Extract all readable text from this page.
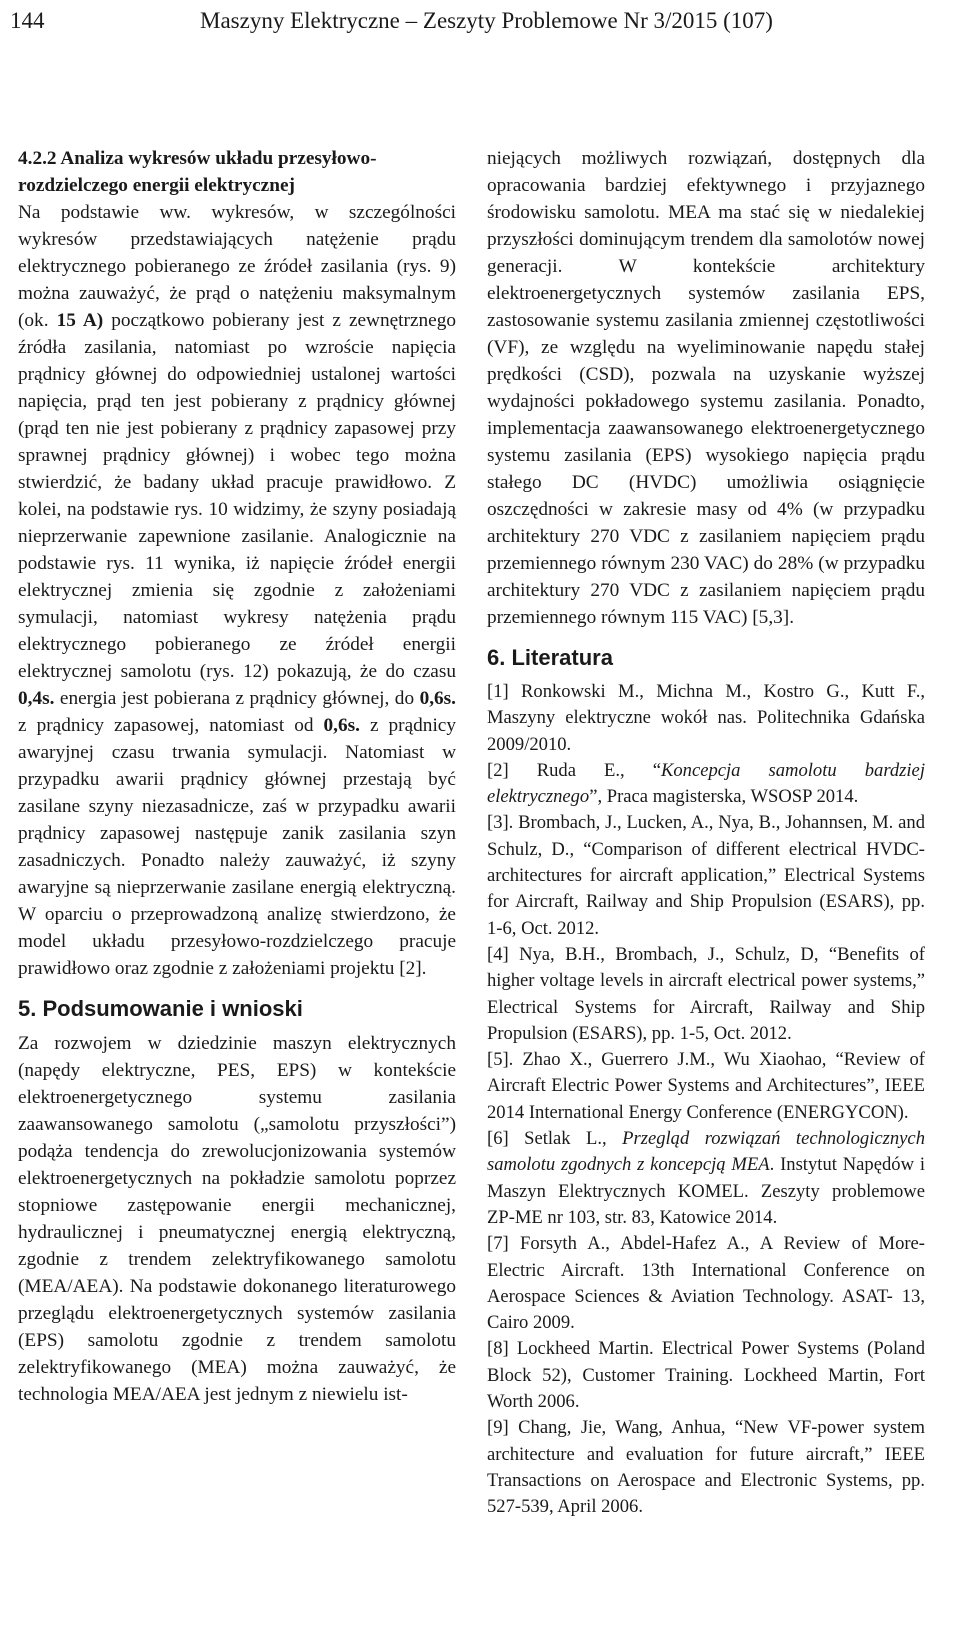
144	Maszyny Elektryczne – Zeszyty Problemowe Nr 3/2015 (107)

4.2.2 Analiza wykresów układu przesyłowo-rozdzielczego energii elektrycznej

Na podstawie ww. wykresów, w szczególności wykresów przedstawiających natężenie prądu elektrycznego pobieranego ze źródeł zasilania (rys. 9) można zauważyć, że prąd o natężeniu maksymalnym (ok. 15 A) początkowo pobierany jest z zewnętrznego źródła zasilania, natomiast po wzroście napięcia prądnicy głównej do odpowiedniej ustalonej wartości napięcia, prąd ten jest pobierany z prądnicy głównej (prąd ten nie jest pobierany z prądnicy zapasowej przy sprawnej prądnicy głównej) i wobec tego można stwierdzić, że badany układ pracuje prawidłowo. Z kolei, na podstawie rys. 10 widzimy, że szyny posiadają nieprzerwanie zapewnione zasilanie. Analogicznie na podstawie rys. 11 wynika, iż napięcie źródeł energii elektrycznej zmienia się zgodnie z założeniami symulacji, natomiast wykresy natężenia prądu elektrycznego pobieranego ze źródeł energii elektrycznej samolotu (rys. 12) pokazują, że do czasu 0,4s. energia jest pobierana z prądnicy głównej, do 0,6s. z prądnicy zapasowej, natomiast od 0,6s. z prądnicy awaryjnej czasu trwania symulacji. Natomiast w przypadku awarii prądnicy głównej przestają być zasilane szyny niezasadnicze, zaś w przypadku awarii prądnicy zapasowej następuje zanik zasilania szyn zasadniczych. Ponadto należy zauważyć, iż szyny awaryjne są nieprzerwanie zasilane energią elektryczną. W oparciu o przeprowadzoną analizę stwierdzono, że model układu przesyłowo-rozdzielczego pracuje prawidłowo oraz zgodnie z założeniami projektu [2].

5. Podsumowanie i wnioski

Za rozwojem w dziedzinie maszyn elektrycznych (napędy elektryczne, PES, EPS) w kontekście elektroenergetycznego systemu zasilania zaawansowanego samolotu („samolotu przyszłości”) podąża tendencja do zrewolucjonizowania systemów elektroenergetycznych na pokładzie samolotu poprzez stopniowe zastępowanie energii mechanicznej, hydraulicznej i pneumatycznej energią elektryczną, zgodnie z trendem zelektryfikowanego samolotu (MEA/AEA). Na podstawie dokonanego literaturowego przeglądu elektroenergetycznych systemów zasilania (EPS) samolotu zgodnie z trendem samolotu zelektryfikowanego (MEA) można zauważyć, że technologia MEA/AEA jest jednym z niewielu ist-

niejących możliwych rozwiązań, dostępnych dla opracowania bardziej efektywnego i przyjaznego środowisku samolotu. MEA ma stać się w niedalekiej przyszłości dominującym trendem dla samolotów nowej generacji. W kontekście architektury elektroenergetycznych systemów zasilania EPS, zastosowanie systemu zasilania zmiennej częstotliwości (VF), ze względu na wyeliminowanie napędu stałej prędkości (CSD), pozwala na uzyskanie wyższej wydajności pokładowego systemu zasilania. Ponadto, implementacja zaawansowanego elektroenergetycznego systemu zasilania (EPS) wysokiego napięcia prądu stałego DC (HVDC) umożliwia osiągnięcie oszczędności w zakresie masy od 4% (w przypadku architektury 270 VDC z zasilaniem napięciem prądu przemiennego równym 230 VAC) do 28% (w przypadku architektury 270 VDC z zasilaniem napięciem prądu przemiennego równym 115 VAC) [5,3].

6. Literatura

[1] Ronkowski M., Michna M., Kostro G., Kutt F., Maszyny elektryczne wokół nas. Politechnika Gdańska 2009/2010.

[2] Ruda E., “Koncepcja samolotu bardziej elektrycznego”, Praca magisterska, WSOSP 2014.

[3]. Brombach, J., Lucken, A., Nya, B., Johannsen, M. and Schulz, D., “Comparison of different electrical HVDC-architectures for aircraft application,” Electrical Systems for Aircraft, Railway and Ship Propulsion (ESARS), pp. 1-6, Oct. 2012.

[4] Nya, B.H., Brombach, J., Schulz, D, “Benefits of higher voltage levels in aircraft electrical power systems,” Electrical Systems for Aircraft, Railway and Ship Propulsion (ESARS), pp. 1-5, Oct. 2012.

[5]. Zhao X., Guerrero J.M., Wu Xiaohao, “Review of Aircraft Electric Power Systems and Architectures”, IEEE 2014 International Energy Conference (ENERGYCON).

[6] Setlak L., Przegląd rozwiązań technologicznych samolotu zgodnych z koncepcją MEA. Instytut Napędów i Maszyn Elektrycznych KOMEL. Zeszyty problemowe ZP-ME nr 103, str. 83, Katowice 2014.

[7] Forsyth A., Abdel-Hafez A., A Review of More-Electric Aircraft. 13th International Conference on Aerospace Sciences & Aviation Technology. ASAT- 13, Cairo 2009.

[8] Lockheed Martin. Electrical Power Systems (Poland Block 52), Customer Training. Lockheed Martin, Fort Worth 2006.

[9] Chang, Jie, Wang, Anhua, “New VF-power system architecture and evaluation for future aircraft,” IEEE Transactions on Aerospace and Electronic Systems, pp. 527-539, April 2006.
